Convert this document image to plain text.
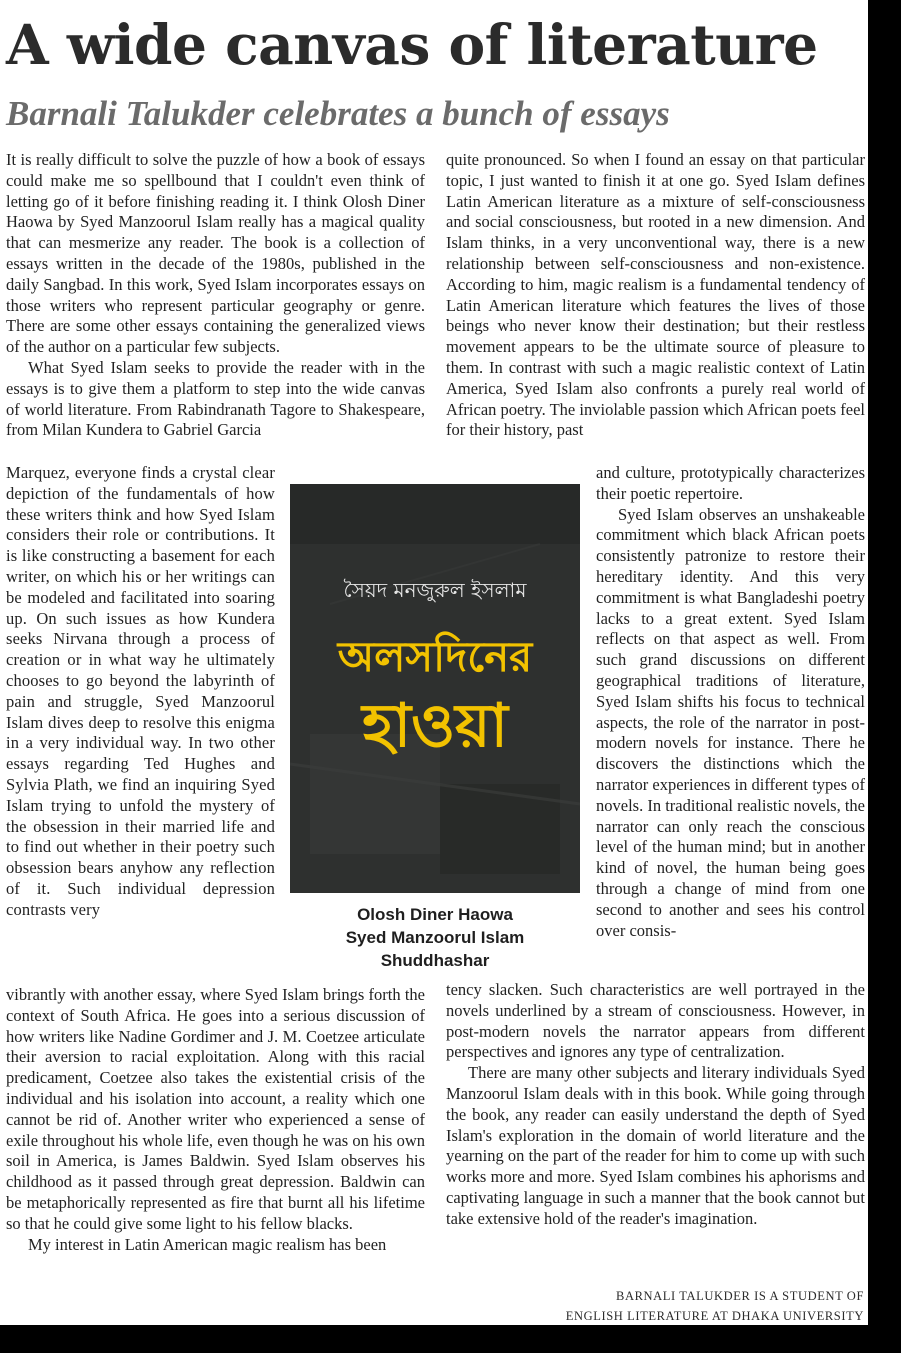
A wide canvas of literature
Barnali Talukder celebrates a bunch of essays

It is really difficult to solve the puzzle of how a book of essays could make me so spellbound that I couldn't even think of letting go of it before finishing reading it. I think Olosh Diner Haowa by Syed Manzoorul Islam really has a magical quality that can mesmerize any reader. The book is a collection of essays written in the decade of the 1980s, published in the daily Sangbad. In this work, Syed Islam incorporates essays on those writers who represent particular geography or genre. There are some other essays containing the generalized views of the author on a particular few subjects.

What Syed Islam seeks to provide the reader with in the essays is to give them a platform to step into the wide canvas of world literature. From Rabindranath Tagore to Shakespeare, from Milan Kundera to Gabriel Garcia

Marquez, everyone finds a crystal clear depiction of the fundamentals of how these writers think and how Syed Islam considers their role or contributions. It is like constructing a basement for each writer, on which his or her writings can be modeled and facilitated into soaring up. On such issues as how Kundera seeks Nirvana through a process of creation or in what way he ultimately chooses to go beyond the labyrinth of pain and struggle, Syed Manzoorul Islam dives deep to resolve this enigma in a very individual way. In two other essays regarding Ted Hughes and Sylvia Plath, we find an inquiring Syed Islam trying to unfold the mystery of the obsession in their married life and to find out whether in their poetry such obsession bears anyhow any reflection of it. Such individual depression contrasts very

vibrantly with another essay, where Syed Islam brings forth the context of South Africa. He goes into a serious discussion of how writers like Nadine Gordimer and J. M. Coetzee articulate their aversion to racial exploitation. Along with this racial predicament, Coetzee also takes the existential crisis of the individual and his isolation into account, a reality which one cannot be rid of. Another writer who experienced a sense of exile throughout his whole life, even though he was on his own soil in America, is James Baldwin. Syed Islam observes his childhood as it passed through great depression. Baldwin can be metaphorically represented as fire that burnt all his lifetime so that he could give some light to his fellow blacks.

My interest in Latin American magic realism has been

quite pronounced. So when I found an essay on that particular topic, I just wanted to finish it at one go. Syed Islam defines Latin American literature as a mixture of self-consciousness and social consciousness, but rooted in a new dimension. And Islam thinks, in a very unconventional way, there is a new relationship between self-consciousness and non-existence. According to him, magic realism is a fundamental tendency of Latin American literature which features the lives of those beings who never know their destination; but their restless movement appears to be the ultimate source of pleasure to them. In contrast with such a magic realistic context of Latin America, Syed Islam also confronts a purely real world of African poetry. The inviolable passion which African poets feel for their history, past

and culture, prototypically characterizes their poetic repertoire.

Syed Islam observes an unshakeable commitment which black African poets consistently patronize to restore their hereditary identity. And this very commitment is what Bangladeshi poetry lacks to a great extent. Syed Islam reflects on that aspect as well. From such grand discussions on different geographical traditions of literature, Syed Islam shifts his focus to technical aspects, the role of the narrator in post-modern novels for instance. There he discovers the distinctions which the narrator experiences in different types of novels. In traditional realistic novels, the narrator can only reach the conscious level of the human mind; but in another kind of novel, the human being goes through a change of mind from one second to another and sees his control over consis-

tency slacken. Such characteristics are well portrayed in the novels underlined by a stream of consciousness. However, in post-modern novels the narrator appears from different perspectives and ignores any type of centralization.

There are many other subjects and literary individuals Syed Manzoorul Islam deals with in this book. While going through the book, any reader can easily understand the depth of Syed Islam's exploration in the domain of world literature and the yearning on the part of the reader for him to come up with such works more and more. Syed Islam combines his aphorisms and captivating language in such a manner that the book cannot but take extensive hold of the reader's imagination.

সৈয়দ মনজুরুল ইসলাম
অলসদিনের
হাওয়া
Olosh Diner Haowa
Syed Manzoorul Islam
Shuddhashar
BARNALI TALUKDER IS A STUDENT OF
ENGLISH LITERATURE AT DHAKA UNIVERSITY
